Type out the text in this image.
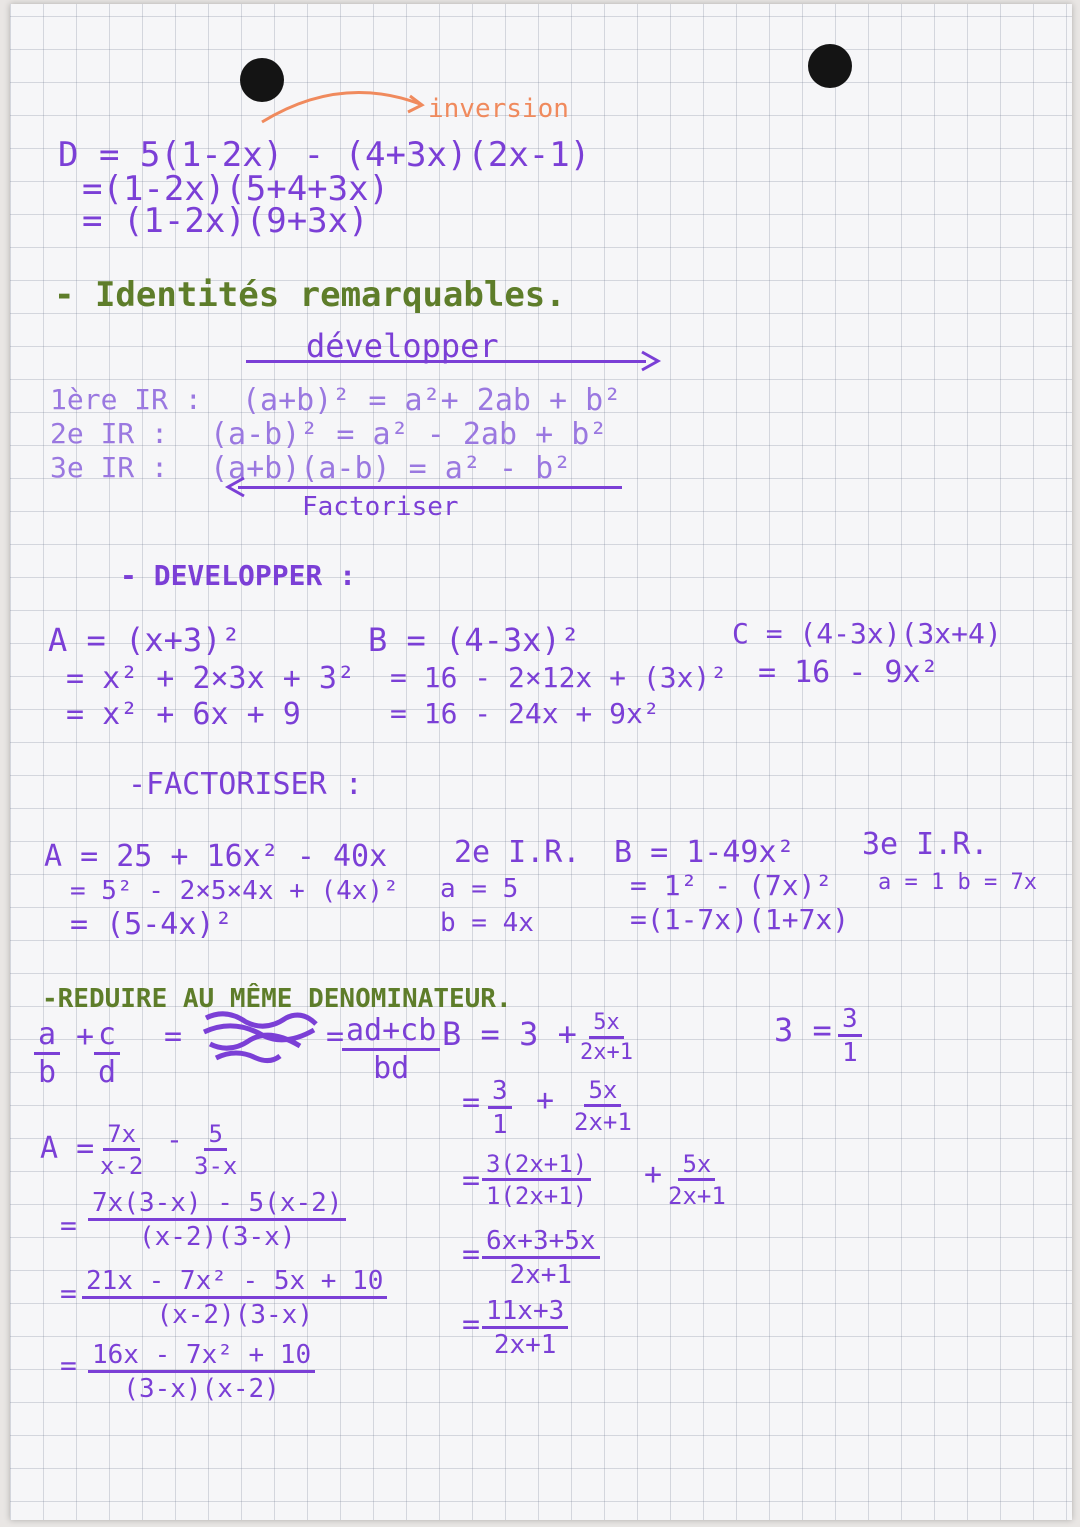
inversion
D = 5(1-2x) - (4+3x)(2x-1)
=(1-2x)(5+4+3x)
= (1-2x)(9+3x)
- Identités remarquables.
développer
1ère IR : (a+b)² = a²+ 2ab + b²
2e IR : (a-b)² = a² - 2ab + b²
3e IR : (a+b)(a-b) = a² - b²
Factoriser
- DEVELOPPER :
A = (x+3)²
= x² + 2×3x + 3²
= x² + 6x + 9
B = (4-3x)²
= 16 - 2×12x + (3x)²
= 16 - 24x + 9x²
C = (4-3x)(3x+4)
= 16 - 9x²
-FACTORISER :
A = 25 + 16x² - 40x
= 5² - 2×5×4x + (4x)²
= (5-4x)²
2e I.R.
a = 5
b = 4x
B = 1-49x²
= 1² - (7x)²
=(1-7x)(1+7x)
3e I.R.
a = 1 b = 7x
-REDUIRE AU MÊME DENOMINATEUR.
$\frac{a}{b} + \frac{c}{d}$ =	=
$\frac{ad+cb}{bd}$ $B = 3 + \frac{5x}{2x+1}$	$3 = \frac{3}{1}$
= $\frac{3}{1} + \frac{5x}{2x+1}$
= $\frac{3(2x+1)}{1(2x+1)} + \frac{5x}{2x+1}$
= $\frac{6x+3+5x}{2x+1}$
= $\frac{11x+3}{2x+1}$
$A = \frac{7x}{x-2} - \frac{5}{3-x}$
= $\frac{7x(3-x) - 5(x-2)}{(x-2)(3-x)}$
= $\frac{\text{21x - 7x² - 5x + 10}}{(x-2)(3-x)}$
= $\frac{\text{16x - 7x² + 10}}{(3-x)(x-2)}$
